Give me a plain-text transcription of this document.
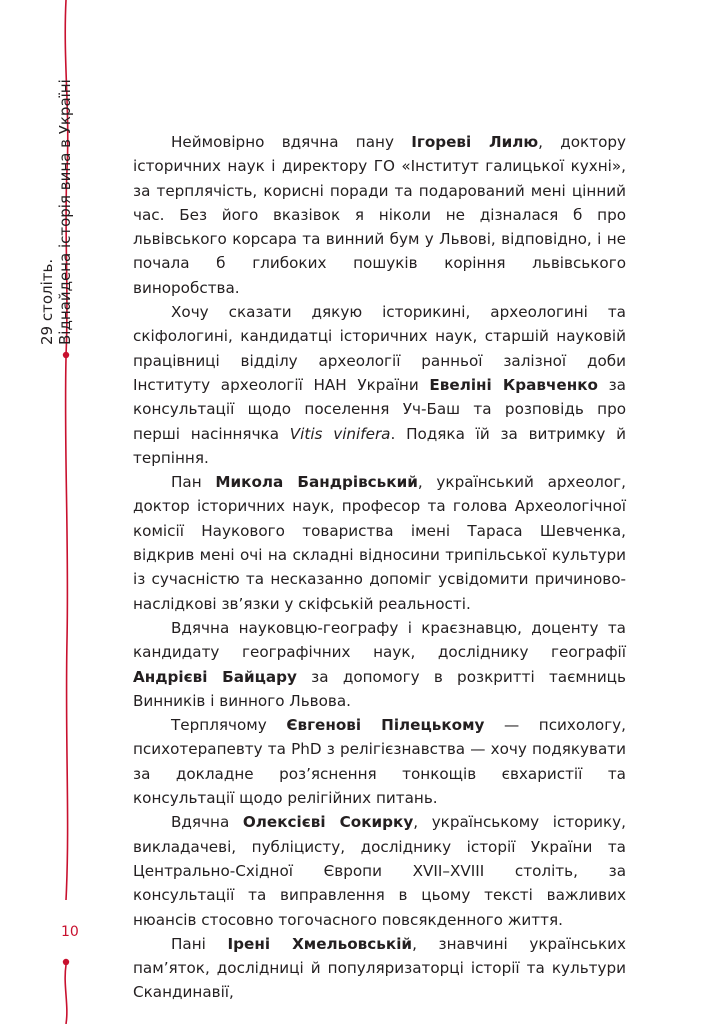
29 століть. Віднайдена історія вина в Україні
10

Неймовірно вдячна пану Ігореві Лилю, доктору історичних наук і директору ГО «Інститут галицької кухні», за терплячість, корисні поради та подарований мені цінний час. Без його вказівок я ніколи не дізналася б про львівського корсара та винний бум у Львові, відповідно, і не почала б глибоких пошуків коріння львівського виноробства.

Хочу сказати дякую історикині, археологині та скіфологині, кандидатці історичних наук, старшій науковій працівниці відділу археології ранньої залізної доби Інституту археології НАН України Евеліні Кравченко за консультації щодо поселення Уч-Баш та розповідь про перші насіннячка Vitis vinifera. Подяка їй за витримку й терпіння.

Пан Микола Бандрівський, український археолог, доктор історичних наук, професор та голова Археологічної комісії Наукового товариства імені Тараса Шевченка, відкрив мені очі на складні відносини трипільської культури із сучасністю та несказанно допоміг усвідомити причиново-наслідкові зв’язки у скіфській реальності.

Вдячна науковцю-географу і краєзнавцю, доценту та кандидату географічних наук, досліднику географії Андрієві Байцару за допомогу в розкритті таємниць Винників і винного Львова.

Терплячому Євгенові Пілецькому — психологу, психотерапевту та PhD з релігієзнавства — хочу подякувати за докладне роз’яснення тонкощів євхаристії та консультації щодо релігійних питань.

Вдячна Олексієві Сокирку, українському історику, викладачеві, публіцисту, досліднику історії України та Центрально-Східної Європи XVII–XVIII століть, за консультації та виправлення в цьому тексті важливих нюансів стосовно тогочасного повсякденного життя.

Пані Ірені Хмельовській, знавчині українських пам’яток, дослідниці й популяризаторці історії та культури Скандинавії,
